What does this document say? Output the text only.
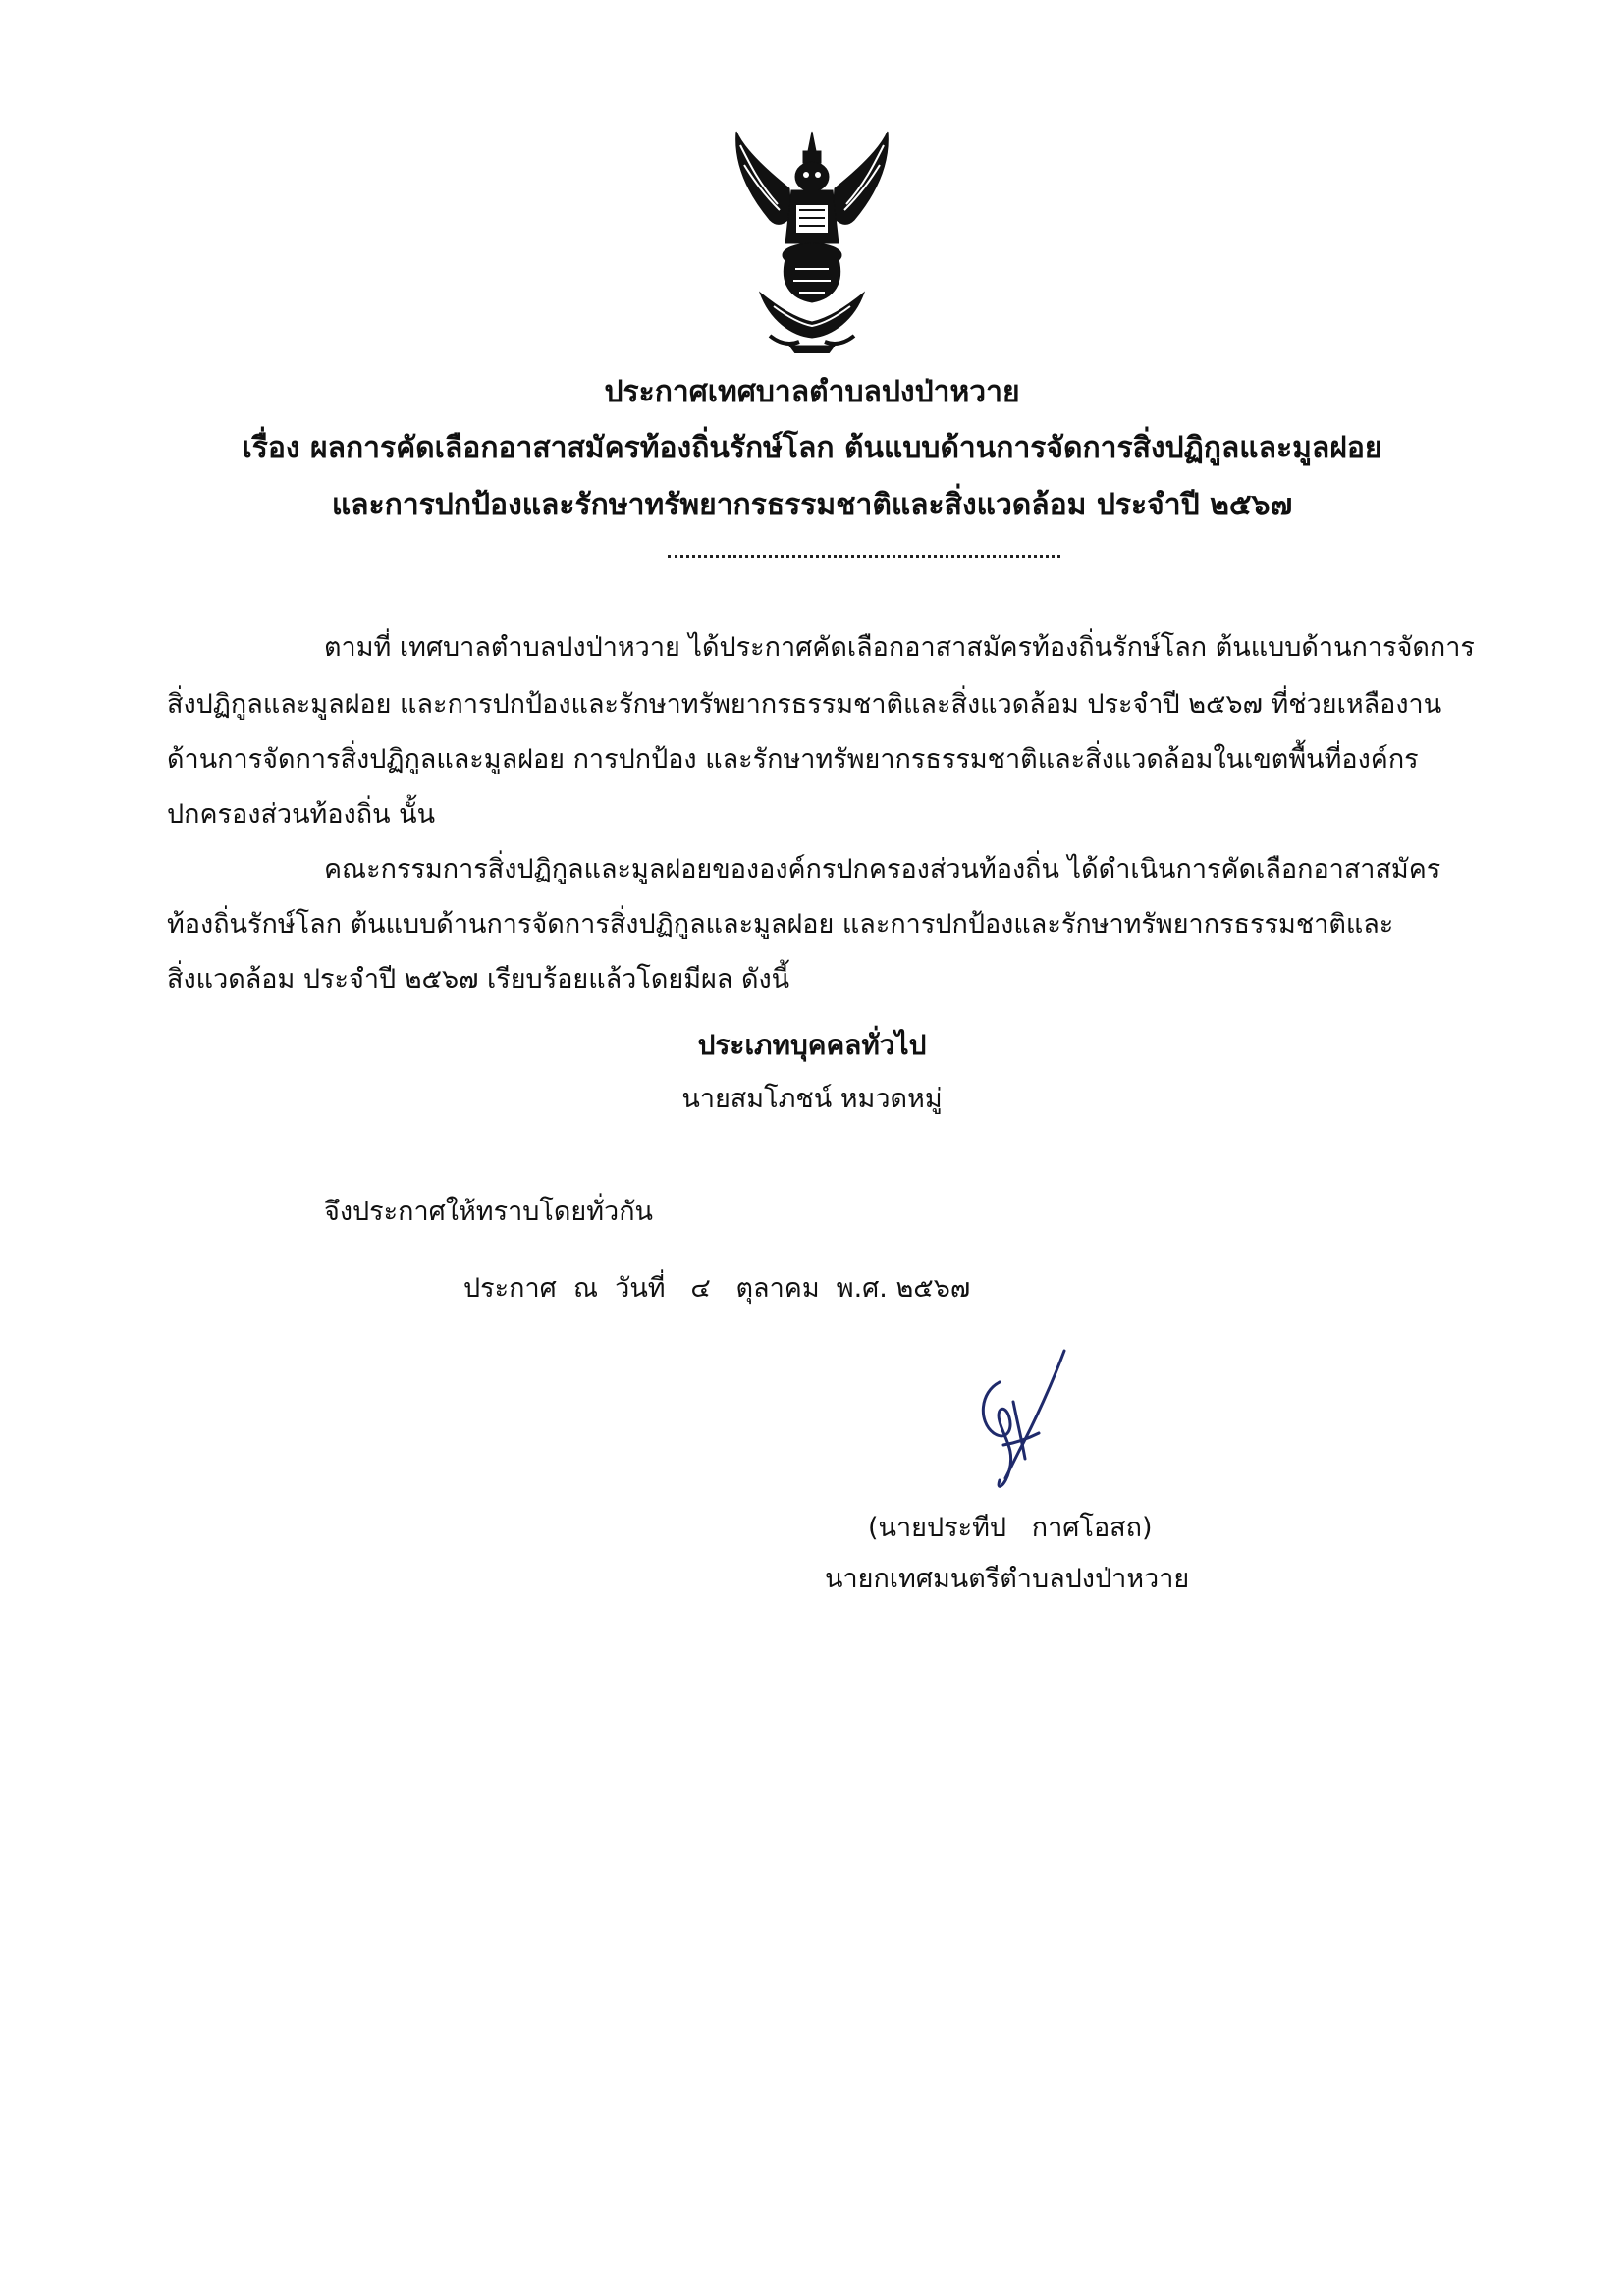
ประกาศเทศบาลตำบลปงป่าหวาย
เรื่อง ผลการคัดเลือกอาสาสมัครท้องถิ่นรักษ์โลก ต้นแบบด้านการจัดการสิ่งปฏิกูลและมูลฝอย
และการปกป้องและรักษาทรัพยากรธรรมชาติและสิ่งแวดล้อม ประจำปี ๒๕๖๗
ตามที่ เทศบาลตำบลปงป่าหวาย ได้ประกาศคัดเลือกอาสาสมัครท้องถิ่นรักษ์โลก ต้นแบบด้านการจัดการ
สิ่งปฏิกูลและมูลฝอย และการปกป้องและรักษาทรัพยากรธรรมชาติและสิ่งแวดล้อม ประจำปี ๒๕๖๗ ที่ช่วยเหลืองาน
ด้านการจัดการสิ่งปฏิกูลและมูลฝอย การปกป้อง และรักษาทรัพยากรธรรมชาติและสิ่งแวดล้อมในเขตพื้นที่องค์กร
ปกครองส่วนท้องถิ่น นั้น
คณะกรรมการสิ่งปฏิกูลและมูลฝอยขององค์กรปกครองส่วนท้องถิ่น ได้ดำเนินการคัดเลือกอาสาสมัคร
ท้องถิ่นรักษ์โลก ต้นแบบด้านการจัดการสิ่งปฏิกูลและมูลฝอย และการปกป้องและรักษาทรัพยากรธรรมชาติและ
สิ่งแวดล้อม ประจำปี ๒๕๖๗ เรียบร้อยแล้วโดยมีผล ดังนี้
ประเภทบุคคลทั่วไป
นายสมโภชน์ หมวดหมู่
จึงประกาศให้ทราบโดยทั่วกัน
ประกาศ  ณ  วันที่   ๔   ตุลาคม  พ.ศ. ๒๕๖๗
(นายประทีป   กาศโอสถ)
นายกเทศมนตรีตำบลปงป่าหวาย
